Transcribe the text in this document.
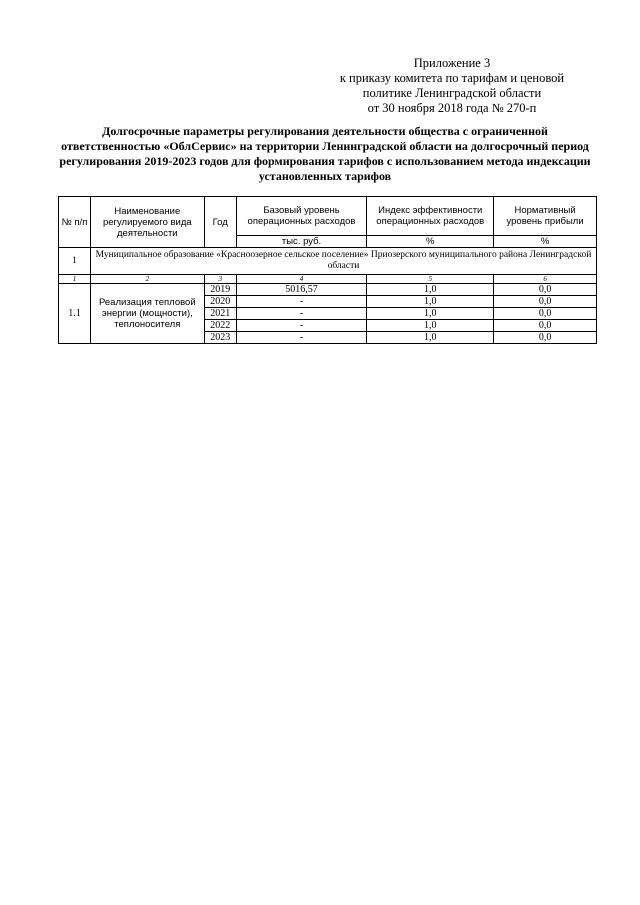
Приложение 3
к приказу комитета по тарифам и ценовой
политике Ленинградской области
от 30 ноября 2018 года № 270-п
Долгосрочные параметры регулирования деятельности общества с ограниченной ответственностью «ОблСервис» на территории Ленинградской области на долгосрочный период регулирования 2019-2023 годов для формирования тарифов с использованием метода индексации установленных тарифов
№ п/п	Наименование регулируемого вида деятельности	Год	Базовый уровень операционных расходов	Индекс эффективности операционных расходов	Нормативный уровень прибыли
			тыс. руб.	%	%
1	Муниципальное образование «Красноозерное сельское поселение» Приозерского муниципального района Ленинградской области				
1	2	3	4	5	6
1.1	Реализация тепловой энергии (мощности), теплоносителя	2019	5016,57	1,0	0,0
		2020	-	1,0	0,0
		2021	-	1,0	0,0
		2022	-	1,0	0,0
		2023	-	1,0	0,0
